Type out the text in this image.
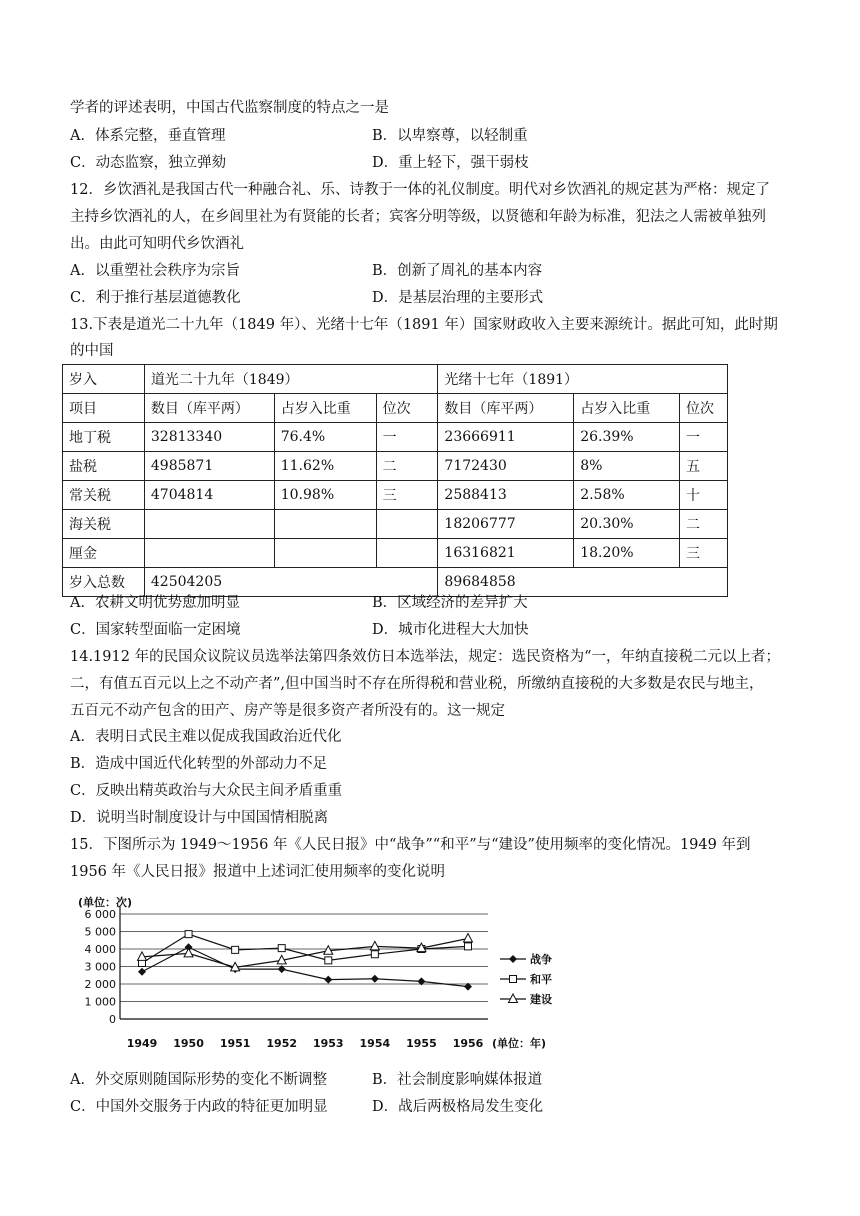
学者的评述表明，中国古代监察制度的特点之一是
A．体系完整，垂直管理	B．以卑察尊，以轻制重
C．动态监察，独立弹劾	D．重上轻下，强干弱枝
12．乡饮酒礼是我国古代一种融合礼、乐、诗教于一体的礼仪制度。明代对乡饮酒礼的规定甚为严格：规定了
主持乡饮酒礼的人，在乡闾里社为有贤能的长者；宾客分明等级，以贤德和年龄为标准，犯法之人需被单独列
出。由此可知明代乡饮酒礼
A．以重塑社会秩序为宗旨	B．创新了周礼的基本内容
C．利于推行基层道德教化	D．是基层治理的主要形式
13.下表是道光二十九年（1849 年）、光绪十七年（1891 年）国家财政收入主要来源统计。据此可知，此时期
的中国
岁入	道光二十九年（1849）			光绪十七年（1891）		
项目	数目（库平两）	占岁入比重	位次	数目（库平两）	占岁入比重	位次
地丁税	32813340	76.4%	一	23666911	26.39%	一
盐税	4985871	11.62%	二	7172430	8%	五
常关税	4704814	10.98%	三	2588413	2.58%	十
海关税				18206777	20.30%	二
厘金				16316821	18.20%	三
岁入总数	42504205			89684858		
A．农耕文明优势愈加明显	B．区域经济的差异扩大
C．国家转型面临一定困境	D．城市化进程大大加快
14.1912 年的民国众议院议员选举法第四条效仿日本选举法，规定：选民资格为“一，年纳直接税二元以上者；
二，有值五百元以上之不动产者”,但中国当时不存在所得税和营业税，所缴纳直接税的大多数是农民与地主，
五百元不动产包含的田产、房产等是很多资产者所没有的。这一规定
A．表明日式民主难以促成我国政治近代化
B．造成中国近代化转型的外部动力不足
C．反映出精英政治与大众民主间矛盾重重
D．说明当时制度设计与中国国情相脱离
15．下图所示为 1949～1956 年《人民日报》中“战争”“和平”与“建设”使用频率的变化情况。1949 年到
1956 年《人民日报》报道中上述词汇使用频率的变化说明
0
1 000
2 000
3 000
4 000
5 000
6 000
(单位：次)
1949 1950 1951 1952 1953 1954 1955 1956 (单位：年)
战争
和平
建设
A．外交原则随国际形势的变化不断调整	B．社会制度影响媒体报道
C．中国外交服务于内政的特征更加明显	D．战后两极格局发生变化
